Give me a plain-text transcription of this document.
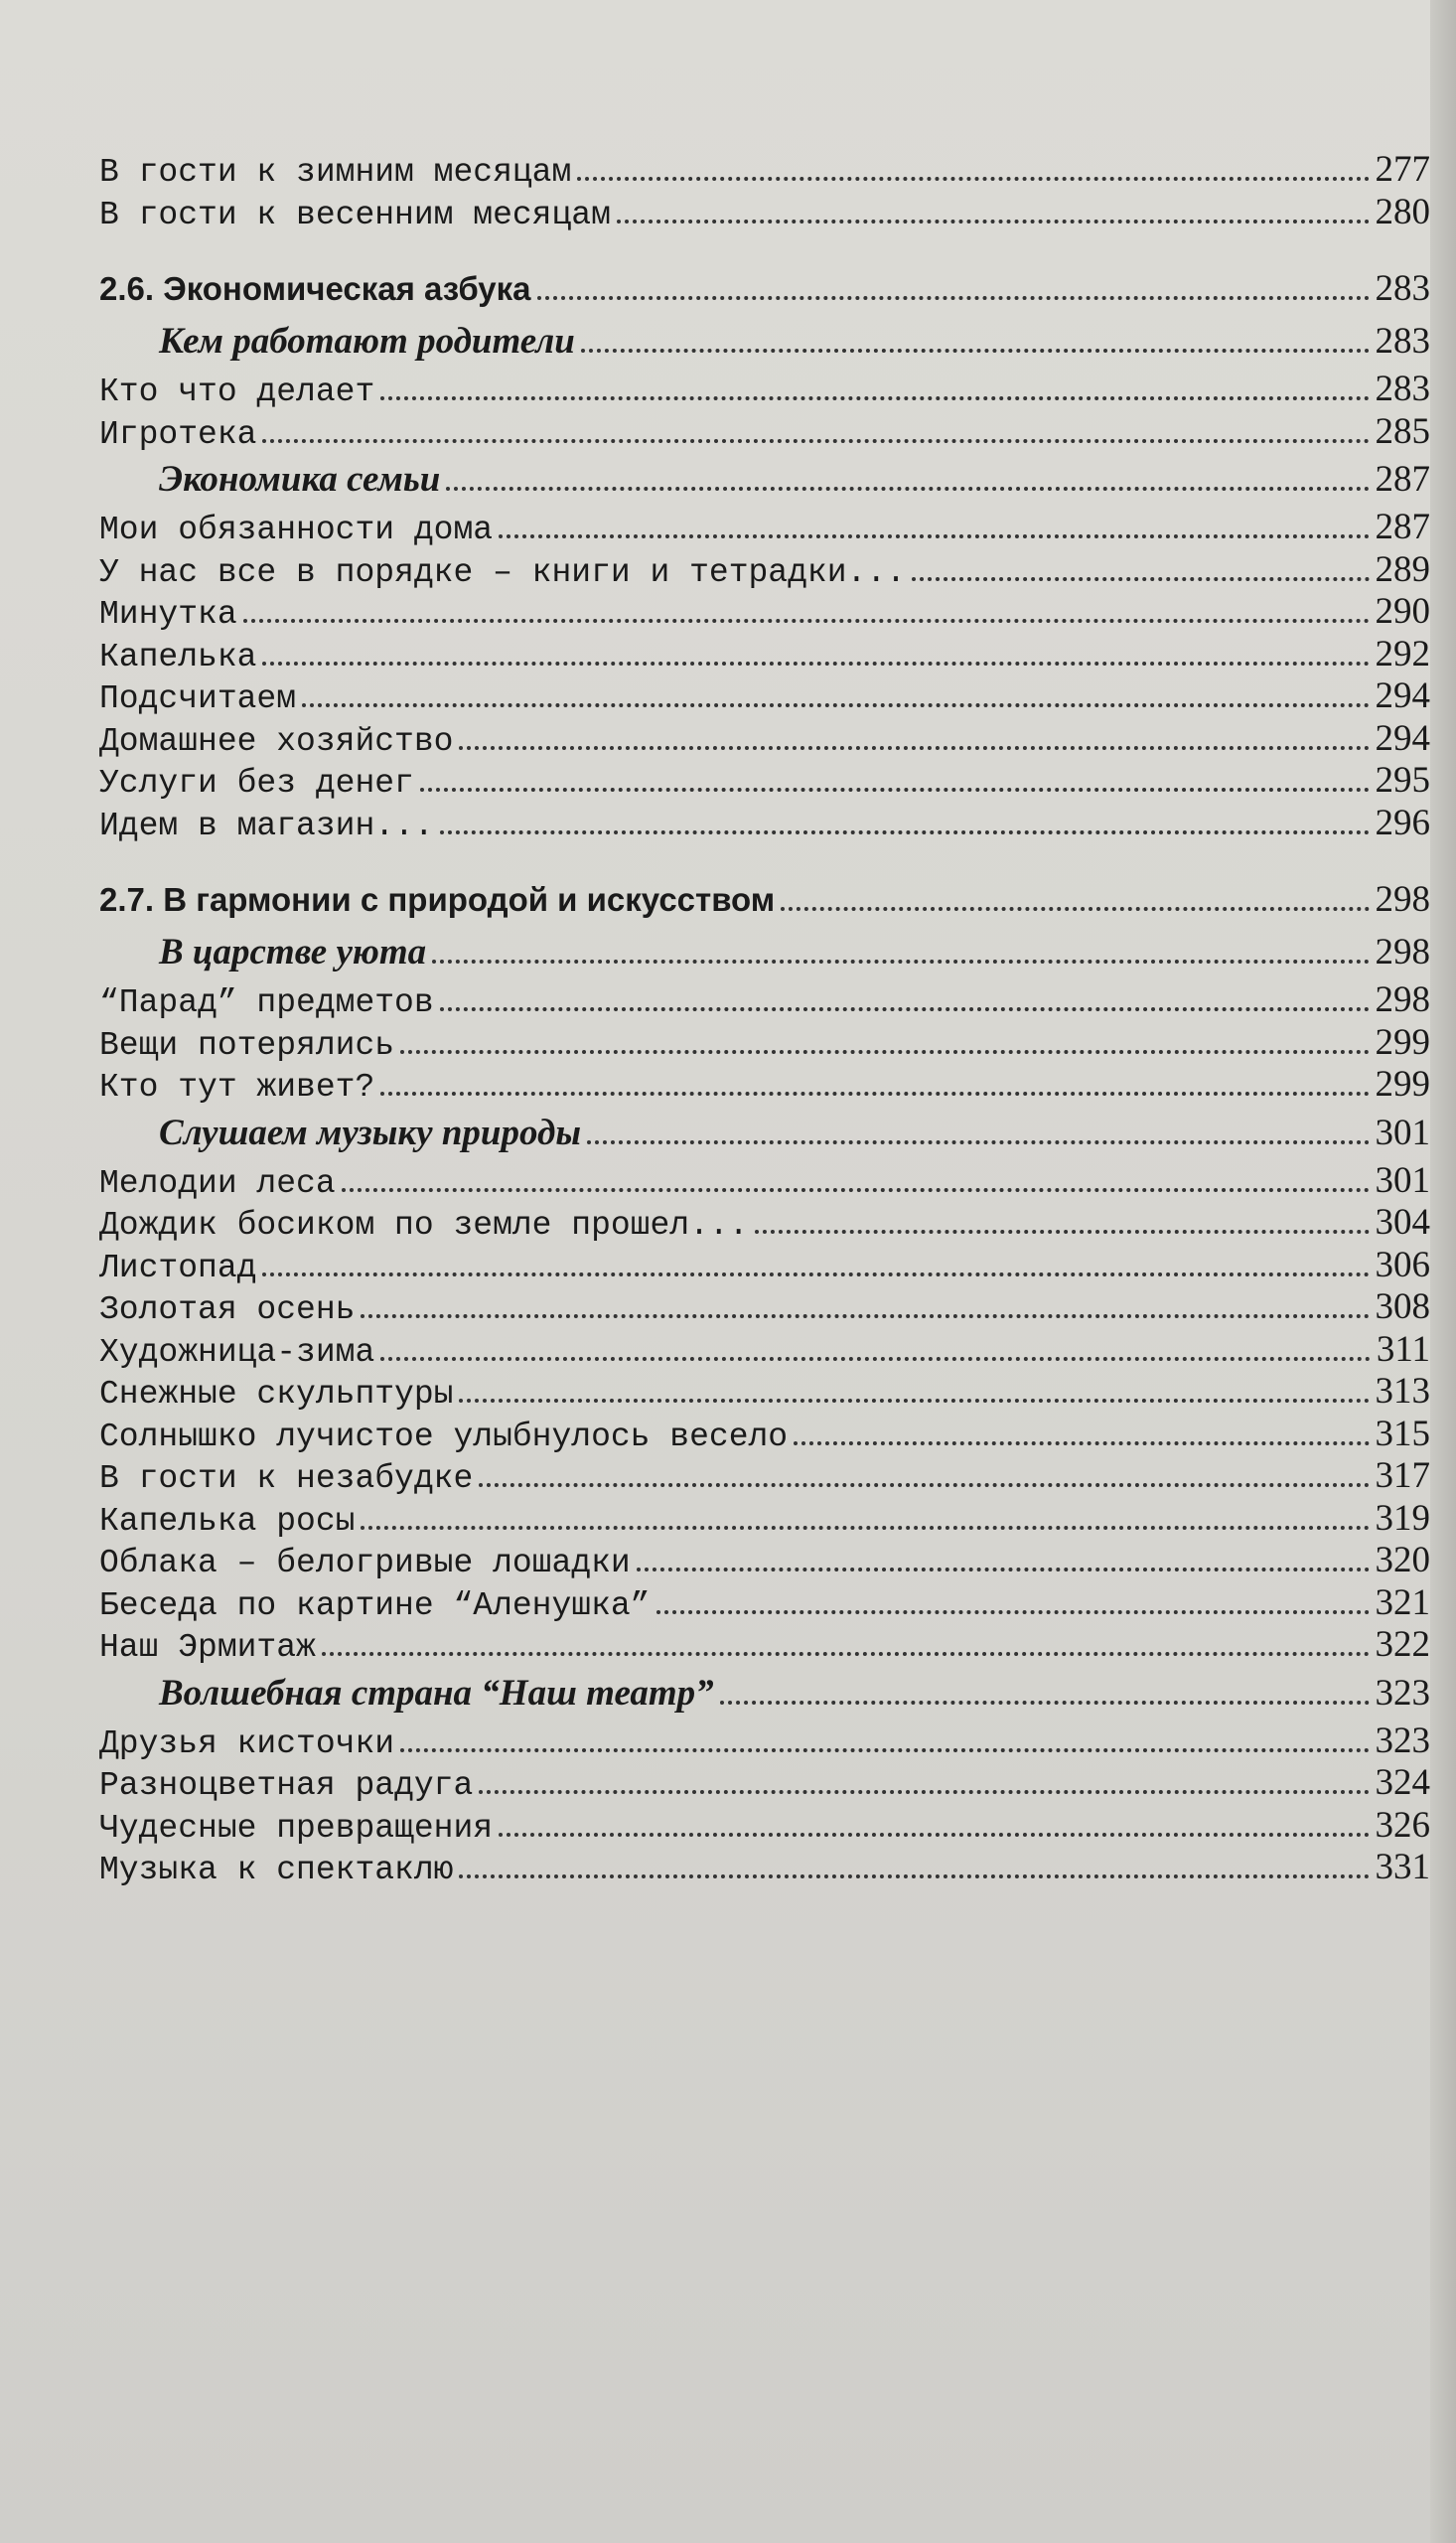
В гости к зимним месяцам	277
В гости к весенним месяцам	280
2.6. Экономическая азбука	283
Кем работают родители	283
Кто что делает	283
Игротека	285
Экономика семьи	287
Мои обязанности дома	287
У нас все в порядке – книги и тетрадки...	289
Минутка	290
Капелька	292
Подсчитаем	294
Домашнее хозяйство	294
Услуги без денег	295
Идем в магазин...	296
2.7. В гармонии с природой и искусством	298
В царстве уюта	298
“Парад” предметов	298
Вещи потерялись	299
Кто тут живет?	299
Слушаем музыку природы	301
Мелодии леса	301
Дождик босиком по земле прошел...	304
Листопад	306
Золотая осень	308
Художница-зима	311
Снежные скульптуры	313
Солнышко лучистое улыбнулось весело	315
В гости к незабудке	317
Капелька росы	319
Облака – белогривые лошадки	320
Беседа по картине “Аленушка”	321
Наш Эрмитаж	322
Волшебная страна “Наш театр”	323
Друзья кисточки	323
Разноцветная радуга	324
Чудесные превращения	326
Музыка к спектаклю	331
